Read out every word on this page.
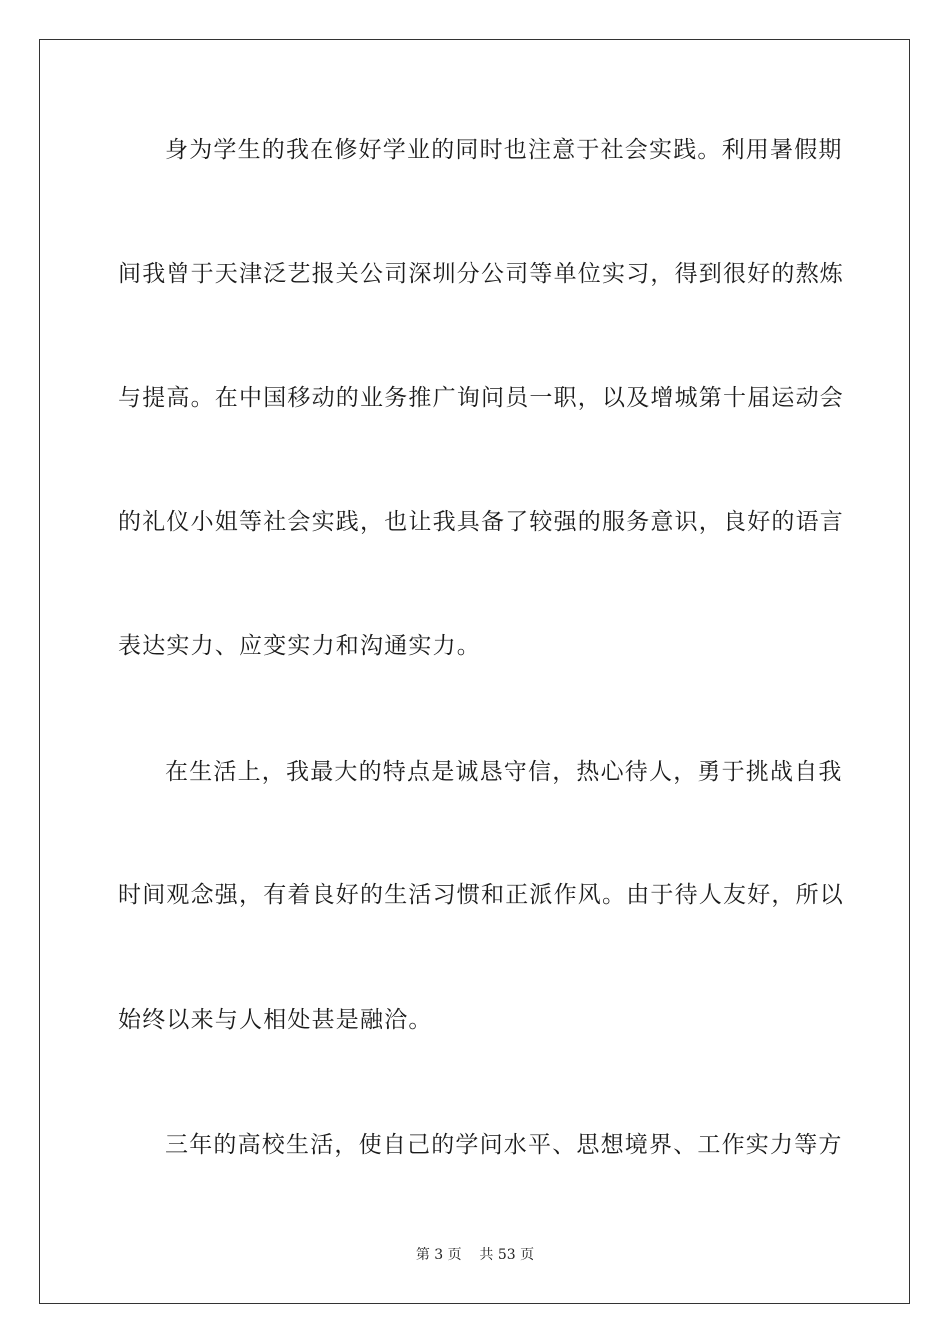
身为学生的我在修好学业的同时也注意于社会实践。利用暑假期
间我曾于天津泛艺报关公司深圳分公司等单位实习，得到很好的熬炼
与提高。在中国移动的业务推广询问员一职，以及增城第十届运动会
的礼仪小姐等社会实践，也让我具备了较强的服务意识，良好的语言
表达实力、应变实力和沟通实力。
在生活上，我最大的特点是诚恳守信，热心待人，勇于挑战自我
时间观念强，有着良好的生活习惯和正派作风。由于待人友好，所以
始终以来与人相处甚是融洽。
三年的高校生活，使自己的学问水平、思想境界、工作实力等方
第 3 页    共 53 页
